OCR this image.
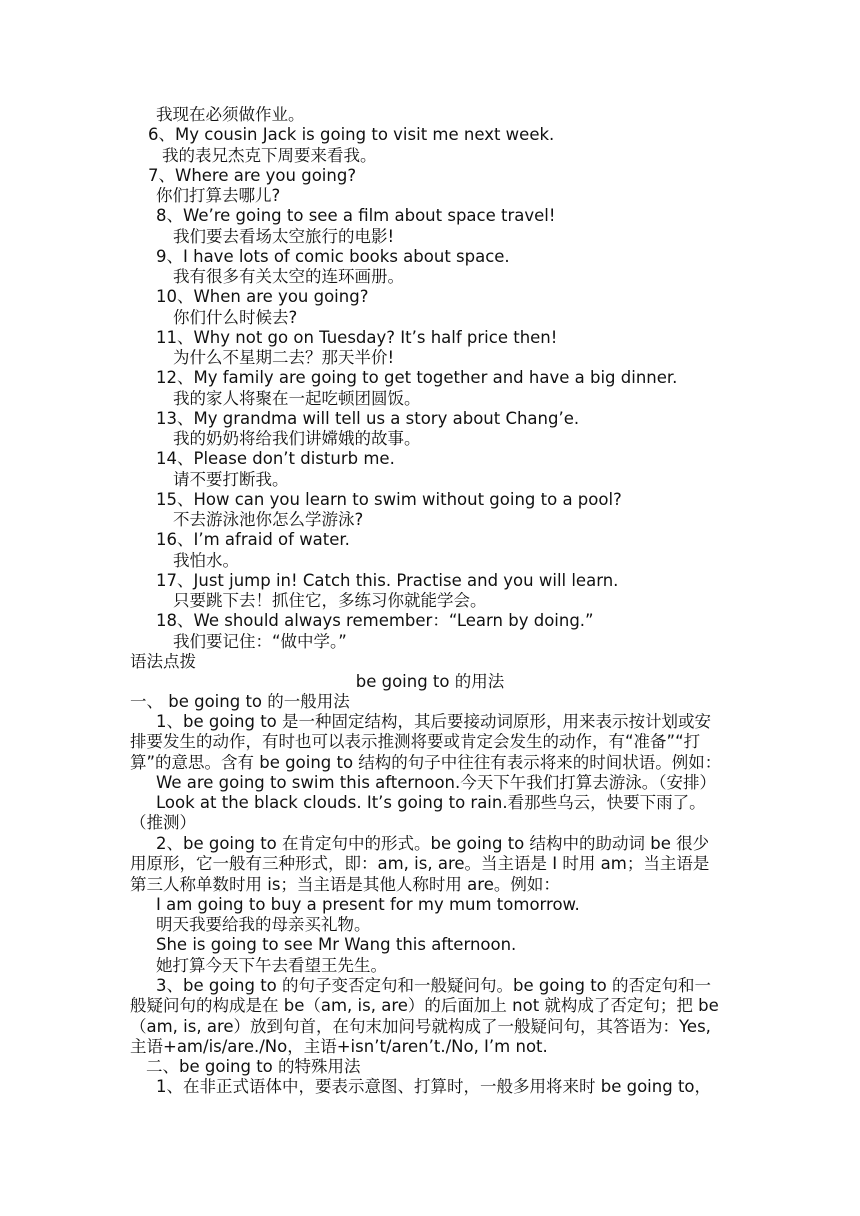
我现在必须做作业。
6、My cousin Jack is going to visit me next week.
我的表兄杰克下周要来看我。
7、Where are you going?
你们打算去哪儿?
8、We’re going to see a film about space travel!
我们要去看场太空旅行的电影!
9、I have lots of comic books about space.
我有很多有关太空的连环画册。
10、When are you going?
你们什么时候去?
11、Why not go on Tuesday? It’s half price then!
为什么不星期二去？那天半价!
12、My family are going to get together and have a big dinner.
我的家人将聚在一起吃顿团圆饭。
13、My grandma will tell us a story about Chang’e.
我的奶奶将给我们讲嫦娥的故事。
14、Please don’t disturb me.
请不要打断我。
15、How can you learn to swim without going to a pool?
不去游泳池你怎么学游泳?
16、I’m afraid of water.
我怕水。
17、Just jump in! Catch this. Practise and you will learn.
只要跳下去！抓住它，多练习你就能学会。
18、We should always remember：“Learn by doing.”
我们要记住：“做中学。”
语法点拨
be going to 的用法
一、 be going to 的一般用法
1、be going to 是一种固定结构，其后要接动词原形，用来表示按计划或安
排要发生的动作，有时也可以表示推测将要或肯定会发生的动作，有“准备”“打
算”的意思。含有 be going to 结构的句子中往往有表示将来的时间状语。例如：
We are going to swim this afternoon.今天下午我们打算去游泳。（安排）
Look at the black clouds. It’s going to rain.看那些乌云，快要下雨了。
（推测）
2、be going to 在肯定句中的形式。be going to 结构中的助动词 be 很少
用原形，它一般有三种形式，即：am, is, are。当主语是 I 时用 am；当主语是
第三人称单数时用 is；当主语是其他人称时用 are。例如：
I am going to buy a present for my mum tomorrow.
明天我要给我的母亲买礼物。
She is going to see Mr Wang this afternoon.
她打算今天下午去看望王先生。
3、be going to 的句子变否定句和一般疑问句。be going to 的否定句和一
般疑问句的构成是在 be（am, is, are）的后面加上 not 就构成了否定句；把 be
（am, is, are）放到句首，在句末加问号就构成了一般疑问句，其答语为：Yes,
主语+am/is/are./No，主语+isn’t/aren’t./No, I’m not.
二、be going to 的特殊用法
1、在非正式语体中，要表示意图、打算时，一般多用将来时 be going to，
